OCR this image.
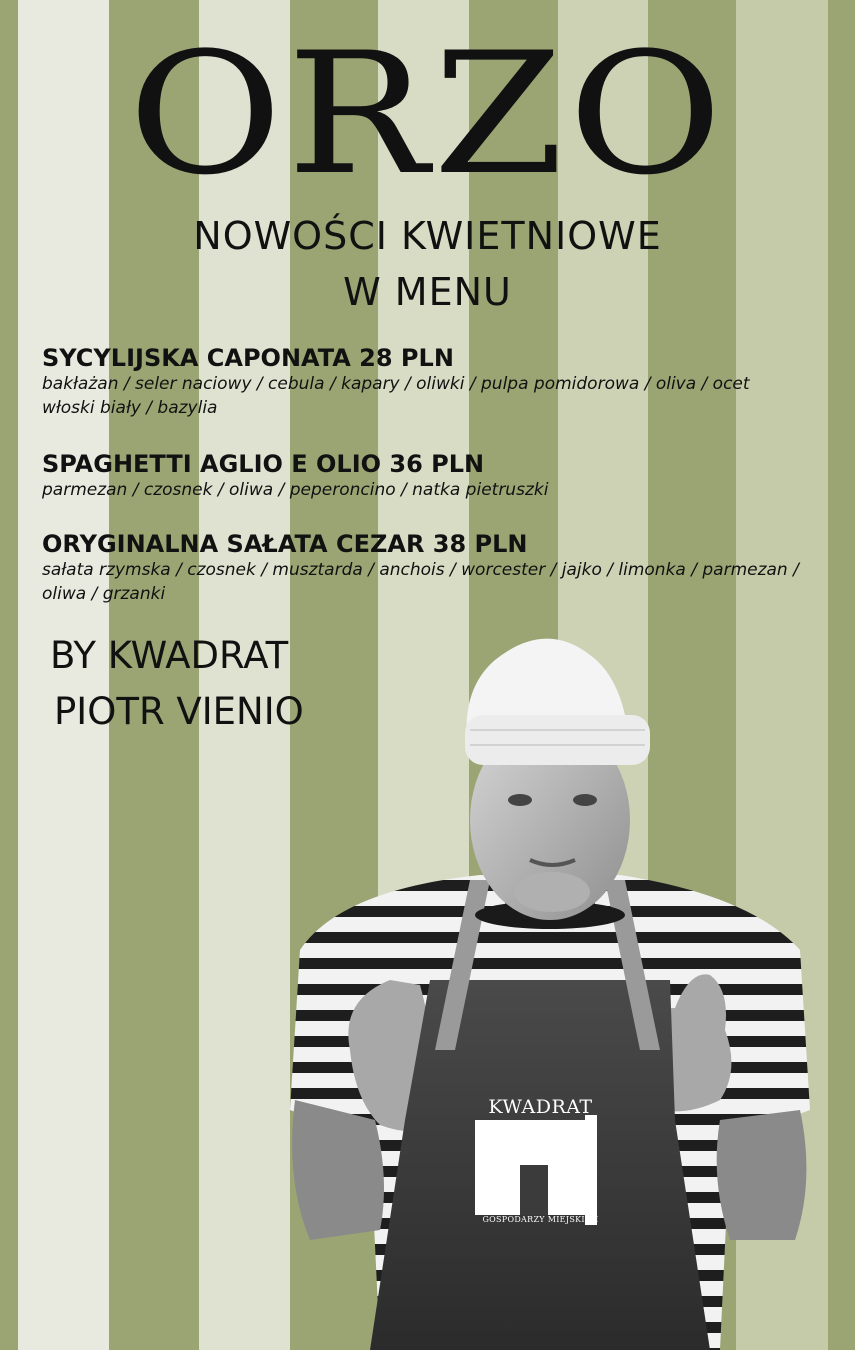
ORZO
NOWOŚCI KWIETNIOWE
W MENU
SYCYLIJSKA CAPONATA 28 PLN
bakłażan / seler naciowy / cebula / kapary / oliwki / pulpa pomidorowa / oliva / ocet włoski biały / bazylia
SPAGHETTI AGLIO E OLIO 36 PLN
parmezan / czosnek / oliwa / peperoncino / natka pietruszki
ORYGINALNA SAŁATA CEZAR 38 PLN
sałata rzymska / czosnek / musztarda / anchois / worcester / jajko / limonka / parmezan / oliwa / grzanki
BY KWADRAT
PIOTR VIENIO
KWADRAT
GOSPODARZY MIEJSKICH
